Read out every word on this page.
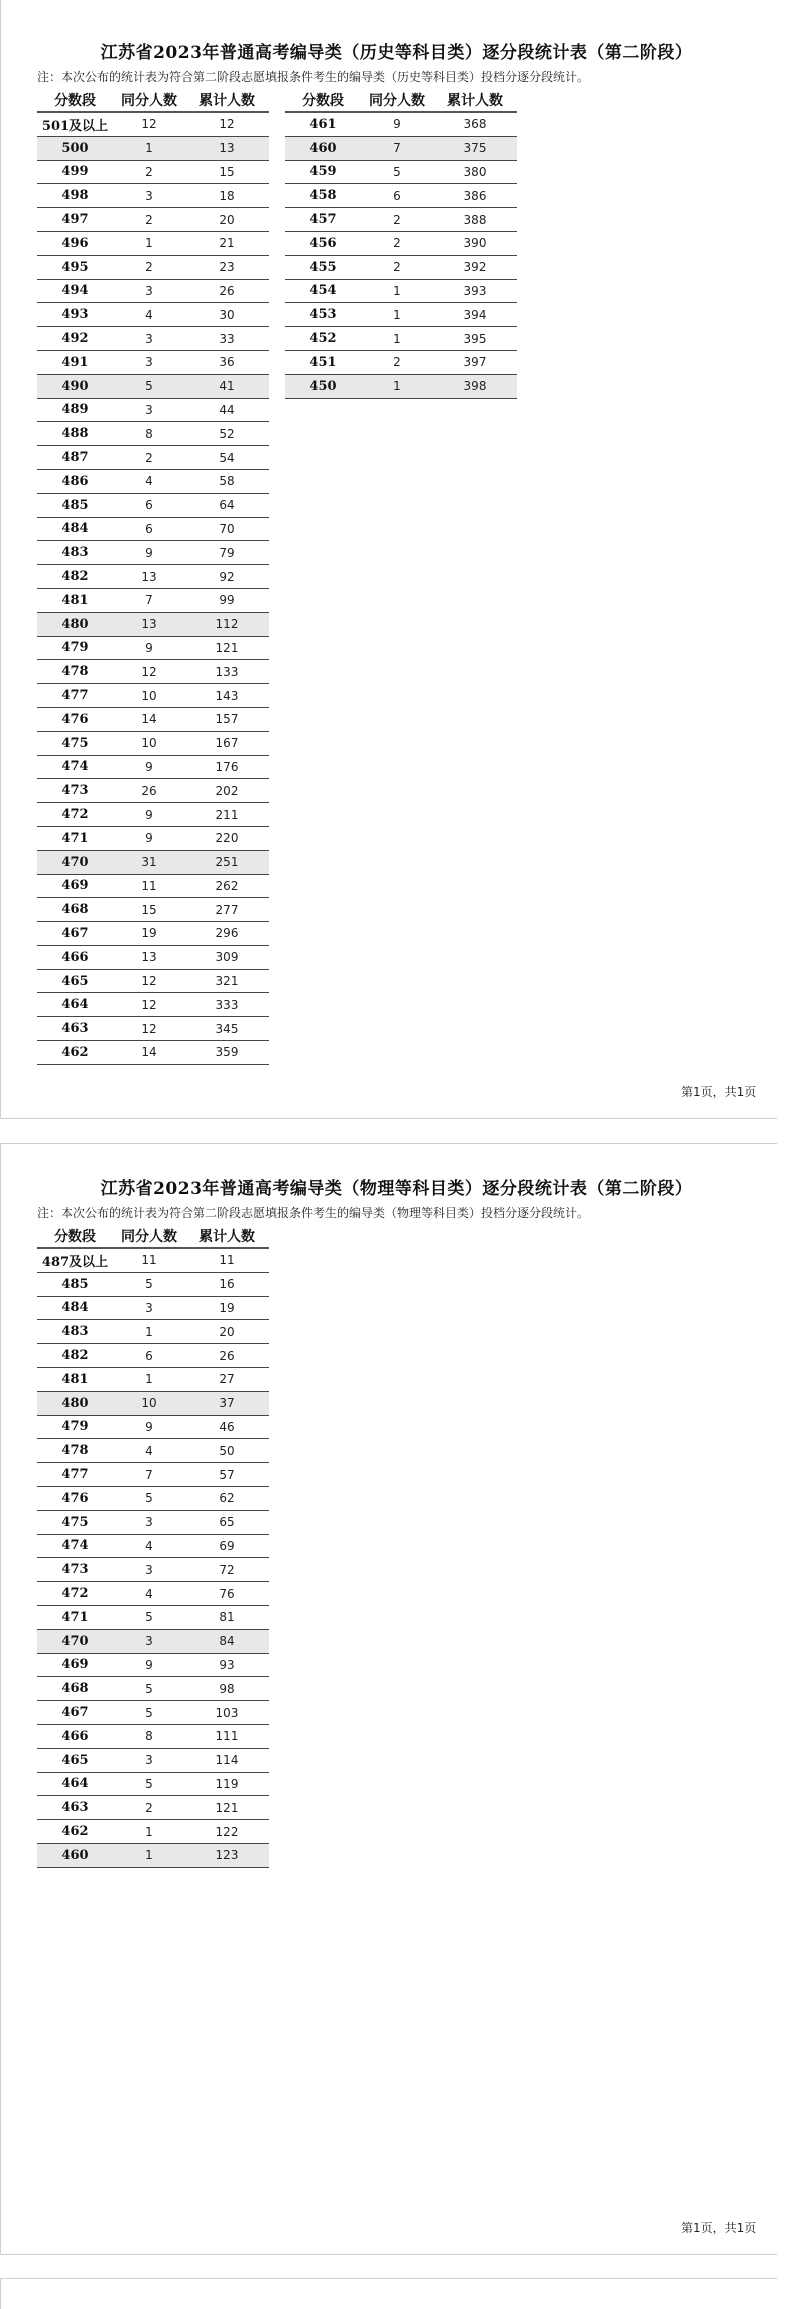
江苏省2023年普通高考编导类（历史等科目类）逐分段统计表（第二阶段）
注：本次公布的统计表为符合第二阶段志愿填报条件考生的编导类（历史等科目类）投档分逐分段统计。
分数段	同分人数	累计人数
501及以上	12	12
500	1	13
499	2	15
498	3	18
497	2	20
496	1	21
495	2	23
494	3	26
493	4	30
492	3	33
491	3	36
490	5	41
489	3	44
488	8	52
487	2	54
486	4	58
485	6	64
484	6	70
483	9	79
482	13	92
481	7	99
480	13	112
479	9	121
478	12	133
477	10	143
476	14	157
475	10	167
474	9	176
473	26	202
472	9	211
471	9	220
470	31	251
469	11	262
468	15	277
467	19	296
466	13	309
465	12	321
464	12	333
463	12	345
462	14	359
分数段	同分人数	累计人数
461	9	368
460	7	375
459	5	380
458	6	386
457	2	388
456	2	390
455	2	392
454	1	393
453	1	394
452	1	395
451	2	397
450	1	398
第1页，共1页
江苏省2023年普通高考编导类（物理等科目类）逐分段统计表（第二阶段）
注：本次公布的统计表为符合第二阶段志愿填报条件考生的编导类（物理等科目类）投档分逐分段统计。
分数段	同分人数	累计人数
487及以上	11	11
485	5	16
484	3	19
483	1	20
482	6	26
481	1	27
480	10	37
479	9	46
478	4	50
477	7	57
476	5	62
475	3	65
474	4	69
473	3	72
472	4	76
471	5	81
470	3	84
469	9	93
468	5	98
467	5	103
466	8	111
465	3	114
464	5	119
463	2	121
462	1	122
460	1	123
第1页，共1页
